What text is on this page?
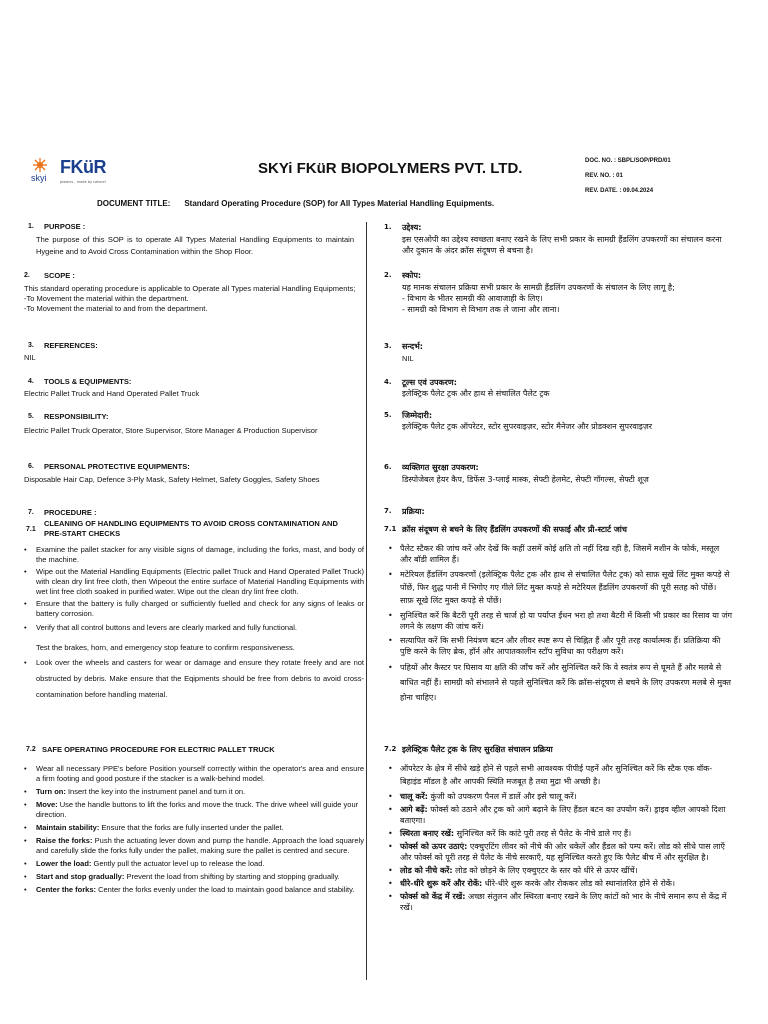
skyi
FKüR
plastics - made by nature!
SKYi FKüR BIOPOLYMERS PVT. LTD.	DOC. NO. : SBPL/SOP/PRD/01
REV. NO. : 01
REV. DATE. : 09.04.2024
DOCUMENT TITLE: Standard Operating Procedure (SOP) for All Types Material Handling Equipments.
1. PURPOSE :
The purpose of this SOP is to operate All Types Material Handling Equipments to maintain Hygeine and to Avoid Cross Contamination within the Shop Floor.
2. SCOPE :
This standard operating procedure is applicable to Operate all Types material Handling Equipments;
-To Movement the material within the department.
-To Movement the material to and from the department.
3. REFERENCES:
NIL
4. TOOLS & EQUIPMENTS:
Electric Pallet Truck and Hand Operated Pallet Truck
5. RESPONSIBILITY:
Electric Pallet Truck Operator, Store Supervisor, Store Manager & Production Supervisor
6. PERSONAL PROTECTIVE EQUIPMENTS:
Disposable Hair Cap, Defence 3-Ply Mask, Safety Helmet, Safety Goggles, Safety Shoes
7. PROCEDURE :
7.1
CLEANING OF HANDLING EQUIPMENTS TO AVOID CROSS CONTAMINATION AND PRE-START CHECKS
• Examine the pallet stacker for any visible signs of damage, including the forks, mast, and body of the machine.
• Wipe out the Material Handling Equipments (Electric pallet Truck and Hand Operated Pallet Truck) with clean dry lint free cloth, then Wipeout the entire surface of Material Handling Equipments with wet lint free cloth soaked in purified water. Wipe out the clean dry lint free cloth.
• Ensure that the battery is fully charged or sufficiently fuelled and check for any signs of leaks or battery corrosion.
• Verify that all control buttons and levers are clearly marked and fully functional.
Test the brakes, horn, and emergency stop feature to confirm responsiveness.
• Look over the wheels and casters for wear or damage and ensure they rotate freely and are not obstructed by debris. Make ensure that the Eqipments should be free from debris to avoid cross-contamination before handling material.
7.2 SAFE OPERATING PROCEDURE FOR ELECTRIC PALLET TRUCK
• Wear all necessary PPE's before Position yourself correctly within the operator's area and ensure a firm footing and good posture if the stacker is a walk-behind model.
• Turn on: Insert the key into the instrument panel and turn it on.
• Move: Use the handle buttons to lift the forks and move the truck. The drive wheel will guide your direction.
• Maintain stability: Ensure that the forks are fully inserted under the pallet.
• Raise the forks: Push the actuating lever down and pump the handle. Approach the load squarely and carefully slide the forks fully under the pallet, making sure the pallet is centred and secure.
• Lower the load: Gently pull the actuator level up to release the load.
• Start and stop gradually: Prevent the load from shifting by starting and stopping gradually.
• Center the forks: Center the forks evenly under the load to maintain good balance and stability.
1. उद्देश्य:
इस एसओपी का उद्देश्य स्वच्छता बनाए रखने के लिए सभी प्रकार के सामग्री हैंडलिंग उपकरणों का संचालन करना और दुकान के अंदर क्रॉस संदूषण से बचना है।
2. स्कोप:
यह मानक संचालन प्रक्रिया सभी प्रकार के सामग्री हैंडलिंग उपकरणों के संचालन के लिए लागू है;
- विभाग के भीतर सामग्री की आवाजाही के लिए।
- सामग्री को विभाग से विभाग तक ले जाना और लाना।
3. सन्दर्भ:
NIL
4. टूल्स एवं उपकरण:
इलेक्ट्रिक पैलेट ट्रक और हाथ से संचालित पैलेट ट्रक
5. जिम्मेदारी:
इलेक्ट्रिक पैलेट ट्रक ऑपरेटर, स्टोर सुपरवाइज़र, स्टोर मैनेजर और प्रोडक्शन सुपरवाइज़र
6. व्यक्तिगत सुरक्षा उपकरण:
डिस्पोजेबल हेयर कैप, डिफेंस 3-प्लाई मास्क, सेफ्टी हेलमेट, सेफ्टी गॉगल्स, सेफ्टी शूज़
7. प्रक्रिया:
7.1 क्रॉस संदूषण से बचने के लिए हैंडलिंग उपकरणों की सफाई और प्री-स्टार्ट जांच
• पैलेट स्टैकर की जांच करें और देखें कि कहीं उसमें कोई क्षति तो नहीं दिख रही है, जिसमें मशीन के फोर्क, मस्तूल और बॉडी शामिल हैं।
• मटेरियल हैंडलिंग उपकरणों (इलेक्ट्रिक पैलेट ट्रक और हाथ से संचालित पैलेट ट्रक) को साफ़ सूखे लिंट मुक्त कपड़े से पोंछें, फिर शुद्ध पानी में भिगोए गए गीले लिंट मुक्त कपड़े से मटेरियल हैंडलिंग उपकरणों की पूरी सतह को पोंछें। साफ़ सूखे लिंट मुक्त कपड़े से पोंछें।
• सुनिश्चित करें कि बैटरी पूरी तरह से चार्ज हो या पर्याप्त ईंधन भरा हो तथा बैटरी में किसी भी प्रकार का रिसाव या जंग लगने के लक्षण की जांच करें।
• सत्यापित करें कि सभी नियंत्रण बटन और लीवर स्पष्ट रूप से चिह्नित हैं और पूरी तरह कार्यात्मक हैं। प्रतिक्रिया की पुष्टि करने के लिए ब्रेक, हॉर्न और आपातकालीन स्टॉप सुविधा का परीक्षण करें।
• पहियों और कैस्टर पर घिसाव या क्षति की जाँच करें और सुनिश्चित करें कि वे स्वतंत्र रूप से घूमते हैं और मलबे से बाधित नहीं हैं। सामग्री को संभालने से पहले सुनिश्चित करें कि क्रॉस-संदूषण से बचने के लिए उपकरण मलबे से मुक्त होना चाहिए।
7.2 इलेक्ट्रिक पैलेट ट्रक के लिए सुरक्षित संचालन प्रक्रिया
• ऑपरेटर के क्षेत्र में सीधे खड़े होने से पहले सभी आवश्यक पीपीई पहनें और सुनिश्चित करें कि स्टैक एक वॉक-बिहाइंड मॉडल है और आपकी स्थिति मजबूत है तथा मुद्रा भी अच्छी है।
• चालू करें: कुंजी को उपकरण पैनल में डालें और इसे चालू करें।
• आगे बढ़ें: फोर्क्स को उठाने और ट्रक को आगे बढ़ाने के लिए हैंडल बटन का उपयोग करें। ड्राइव व्हील आपको दिशा बताएगा।
• स्थिरता बनाए रखें: सुनिश्चित करें कि कांटे पूरी तरह से पैलेट के नीचे डाले गए हैं।
• फोर्क्स को ऊपर उठाएं: एक्चुएटिंग लीवर को नीचे की ओर धकेलें और हैंडल को पम्प करें। लोड को सीधे पास लाएँ और फोर्क्स को पूरी तरह से पैलेट के नीचे सरकाएँ, यह सुनिश्चित करते हुए कि पैलेट बीच में और सुरक्षित है।
• लोड को नीचे करें: लोड को छोड़ने के लिए एक्चुएटर के स्तर को धीरे से ऊपर खींचें।
• धीरे-धीरे शुरू करें और रोकें: धीरे-धीरे शुरू करके और रोककर लोड को स्थानांतरित होने से रोकें।
• फोर्क्स को केंद्र में रखें: अच्छा संतुलन और स्थिरता बनाए रखने के लिए कांटों को भार के नीचे समान रूप से केंद्र में रखें।
